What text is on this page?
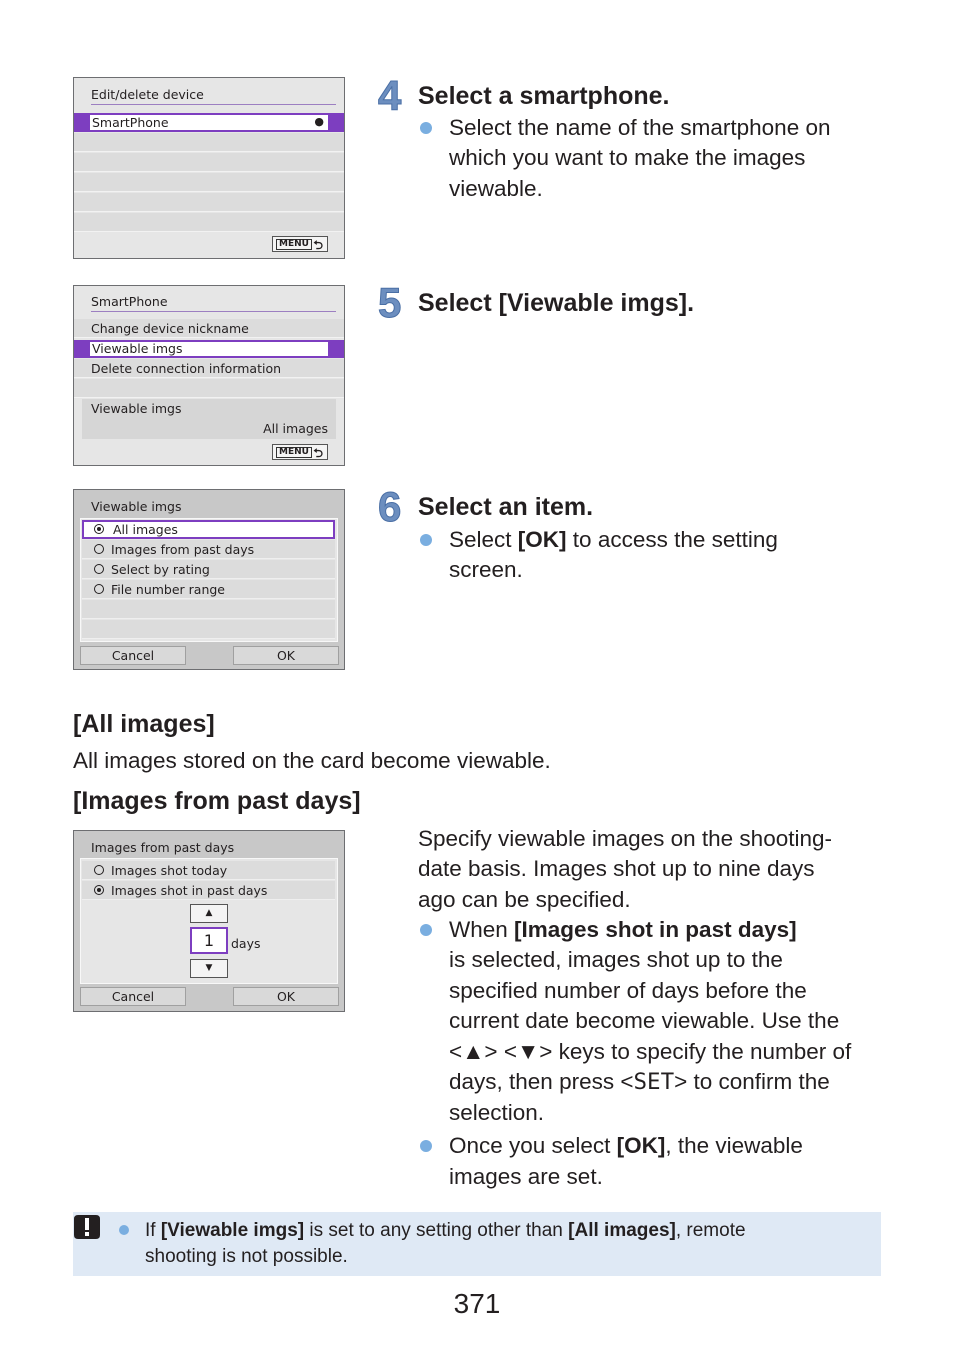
Edit/delete device
SmartPhone	●
MENU ⮌
SmartPhone
Change device nickname
Viewable imgs
Delete connection information
Viewable imgs
All images
MENU ⮌
Viewable imgs
All images
Images from past days
Select by rating
File number range
Cancel	OK
4 Select a smartphone.
Select the name of the smartphone on
which you want to make the images
viewable.
5 Select [Viewable imgs].
6 Select an item.
Select [OK] to access the setting
screen.
[All images]
All images stored on the card become viewable.
[Images from past days]
Images from past days
Images shot today
Images shot in past days
▲
1	days
▼
Cancel	OK
Specify viewable images on the shooting-
date basis. Images shot up to nine days
ago can be specified.
When [Images shot in past days]
is selected, images shot up to the
specified number of days before the
current date become viewable. Use the
<▲> <▼> keys to specify the number of
days, then press <SET> to confirm the
selection.
Once you select [OK], the viewable
images are set.
If [Viewable imgs] is set to any setting other than [All images], remote
shooting is not possible.
371
